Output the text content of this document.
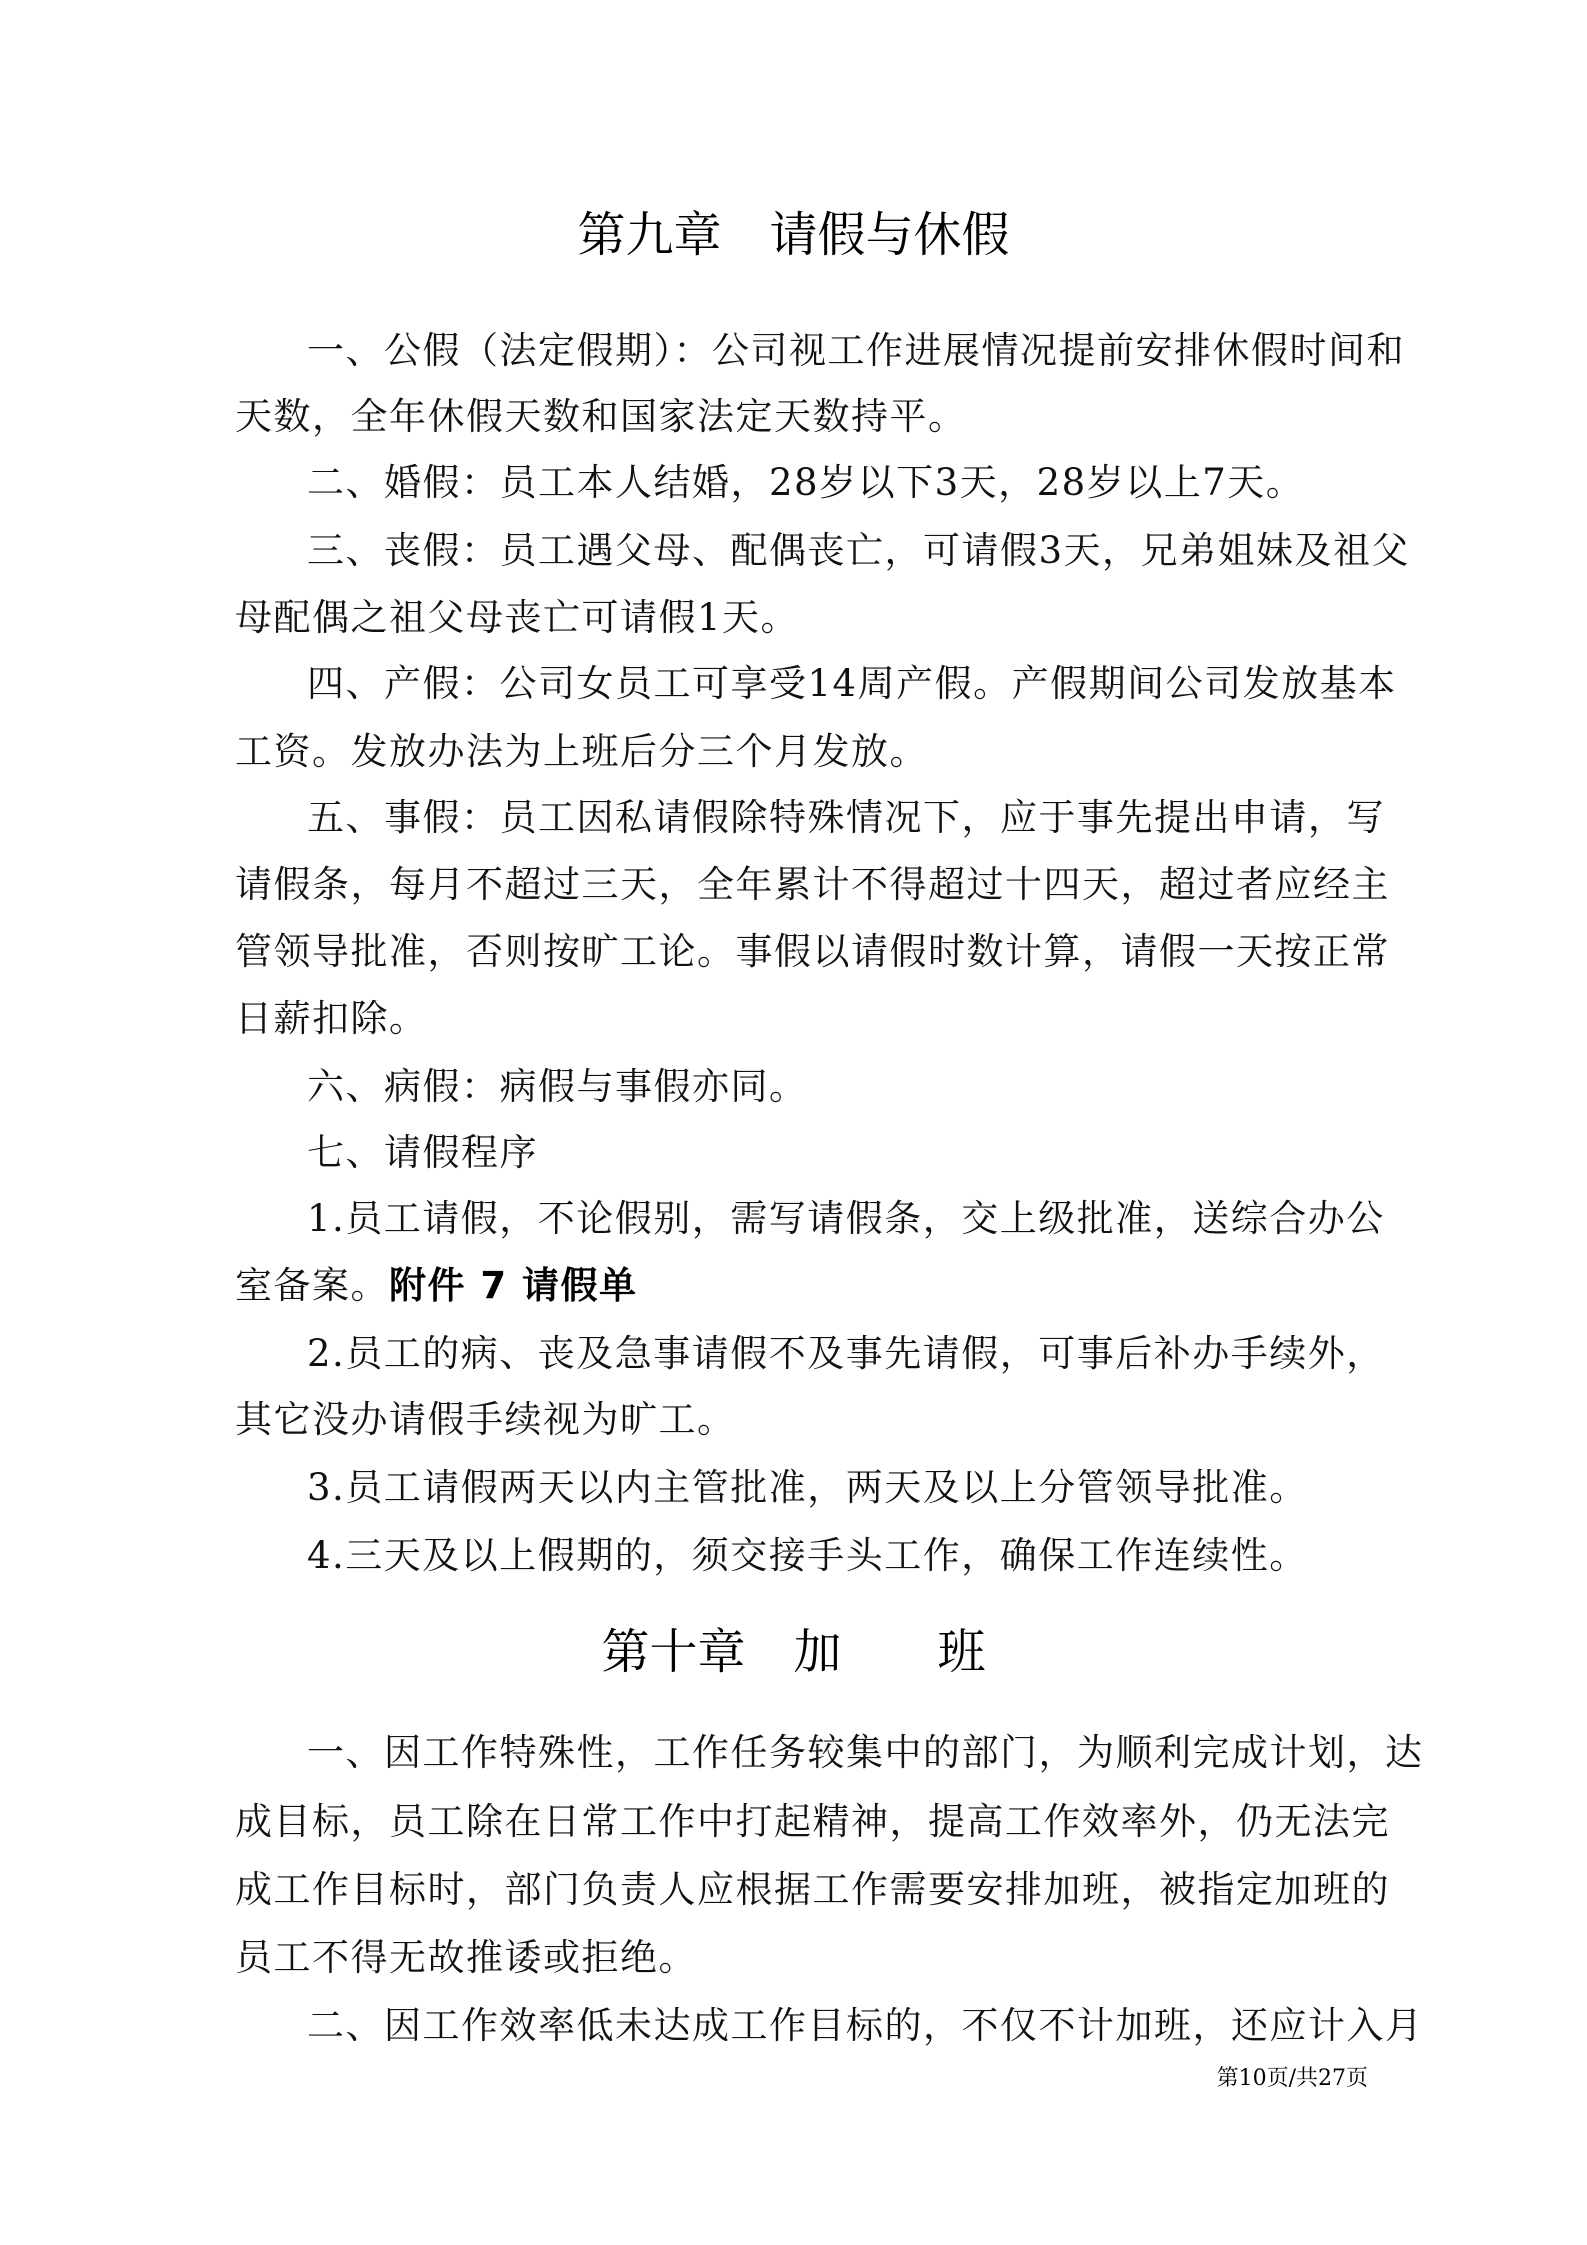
第九章　请假与休假
一、公假（法定假期）：公司视工作进展情况提前安排休假时间和
天数，全年休假天数和国家法定天数持平。
二、婚假：员工本人结婚，28岁以下3天，28岁以上7天。
三、丧假：员工遇父母、配偶丧亡，可请假3天，兄弟姐妹及祖父
母配偶之祖父母丧亡可请假1天。
四、产假：公司女员工可享受14周产假。产假期间公司发放基本
工资。发放办法为上班后分三个月发放。
五、事假：员工因私请假除特殊情况下，应于事先提出申请，写
请假条，每月不超过三天，全年累计不得超过十四天，超过者应经主
管领导批准，否则按旷工论。事假以请假时数计算，请假一天按正常
日薪扣除。
六、病假：病假与事假亦同。
七、请假程序
1.员工请假，不论假别，需写请假条，交上级批准，送综合办公
室备案。附件 7 请假单
2.员工的病、丧及急事请假不及事先请假，可事后补办手续外，
其它没办请假手续视为旷工。
3.员工请假两天以内主管批准，两天及以上分管领导批准。
4.三天及以上假期的，须交接手头工作，确保工作连续性。
第十章　加　　班
一、因工作特殊性，工作任务较集中的部门，为顺利完成计划，达
成目标，员工除在日常工作中打起精神，提高工作效率外，仍无法完
成工作目标时，部门负责人应根据工作需要安排加班，被指定加班的
员工不得无故推诿或拒绝。
二、因工作效率低未达成工作目标的，不仅不计加班，还应计入月
第10页/共27页
